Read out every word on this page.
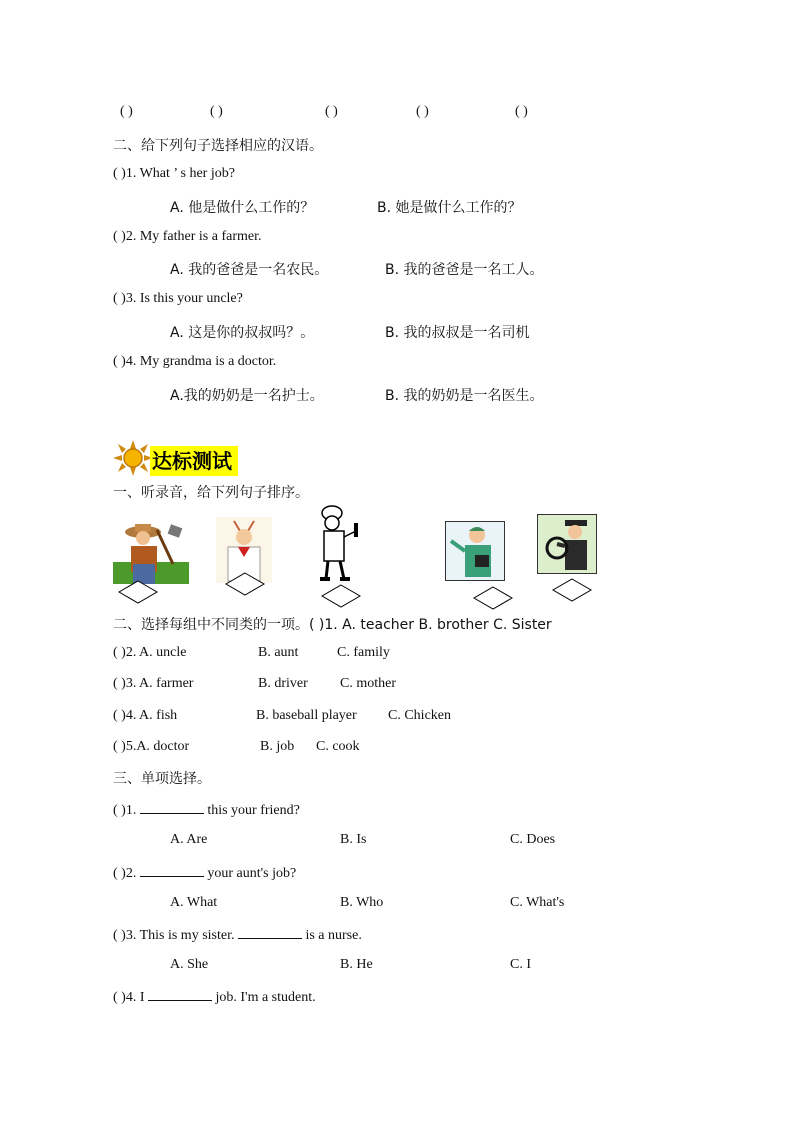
( )	( )	( )	( )	( )
二、给下列句子选择相应的汉语。
( )1. What ’ s her job?
A. 他是做什么工作的？	B. 她是做什么工作的？
( )2. My father is a farmer.
A. 我的爸爸是一名农民。	B. 我的爸爸是一名工人。
( )3. Is this your uncle?
A. 这是你的叔叔吗？。	B. 我的叔叔是一名司机
( )4. My grandma is a doctor.
A.我的奶奶是一名护士。	B. 我的奶奶是一名医生。
达标测试
一、听录音，给下列句子排序。
二、选择每组中不同类的一项。( )1. A. teacher B. brother C. Sister
( )2. A. uncle	B. aunt	C. family
( )3. A. farmer	B. driver C. mother
( )4. A. fish	B. baseball player C. Chicken
( )5.A. doctor	B. job C. cook
三、单项选择。
( )1.	this your friend?
A. Are	B. Is	C. Does
( )2.	your aunt's job?
A. What	B. Who	C. What's
( )3. This is my sister.	is a nurse.
A. She	B. He	C. I
( )4. I	job. I'm a student.
